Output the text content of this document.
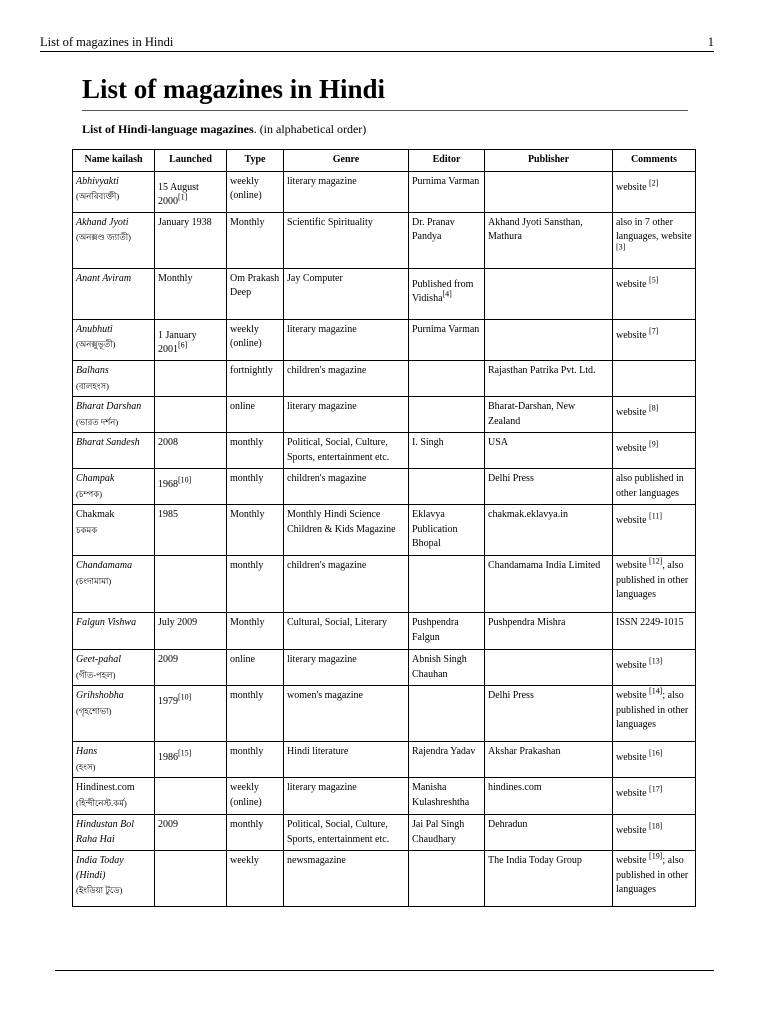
List of magazines in Hindi	1
List of magazines in Hindi

List of Hindi-language magazines. (in alphabetical order)

Name kailash	Launched	Type	Genre	Editor	Publisher	Comments
Abhivyakti
(অনৰিব্যক্তী)	15 August 2000[1]	weekly (online)	literary magazine	Purnima Varman		website [2]
Akhand Jyoti
(অনক্সণ্ড জ্যাতী)	January 1938	Monthly	Scientific Spirituality	Dr. Pranav Pandya	Akhand Jyoti Sansthan, Mathura	also in 7 other languages, website [3]
Anant Aviram	Monthly	Om Prakash Deep	Jay Computer	Published from Vidisha[4]		website [5]
Anubhuti
(অনক্সুভূতী)	1 January 2001[6]	weekly (online)	literary magazine	Purnima Varman		website [7]
Balhans
(বালহংস)		fortnightly	children's magazine		Rajasthan Patrika Pvt. Ltd.	
Bharat Darshan
(ভারত দর্শন)		online	literary magazine		Bharat-Darshan, New Zealand	website [8]
Bharat Sandesh	2008	monthly	Political, Social, Culture, Sports, entertainment etc.	I. Singh	USA	website [9]
Champak
(চম্পক)	1968[10]	monthly	children's magazine		Delhi Press	also published in other languages
Chakmak
চকমক	1985	Monthly	Monthly Hindi Science Children & Kids Magazine	Eklavya Publication Bhopal	chakmak.eklavya.in	website [11]
Chandamama
(চংদামামা)		monthly	children's magazine		Chandamama India Limited	website [12], also published in other languages
Falgun Vishwa	July 2009	Monthly	Cultural, Social, Literary	Pushpendra Falgun	Pushpendra Mishra	ISSN 2249-1015
Geet-pahal
(গীত-পহল)	2009	online	literary magazine	Abnish Singh Chauhan		website [13]
Grihshobha
(গৃহশোভা)	1979[10]	monthly	women's magazine		Delhi Press	website [14]; also published in other languages
Hans
(হংস)	1986[15]	monthly	Hindi literature	Rajendra Yadav	Akshar Prakashan	website [16]
Hindinest.com
(হিন্দীনেস্ট.কৰ্ম)		weekly (online)	literary magazine	Manisha Kulashreshtha	hindines.com	website [17]
Hindustan Bol Raha Hai	2009	monthly	Political, Social, Culture, Sports, entertainment etc.	Jai Pal Singh Chaudhary	Dehradun	website [18]
India Today (Hindi)
(ইংডিয়া টুডে)		weekly	newsmagazine		The India Today Group	website [19]; also published in other languages
